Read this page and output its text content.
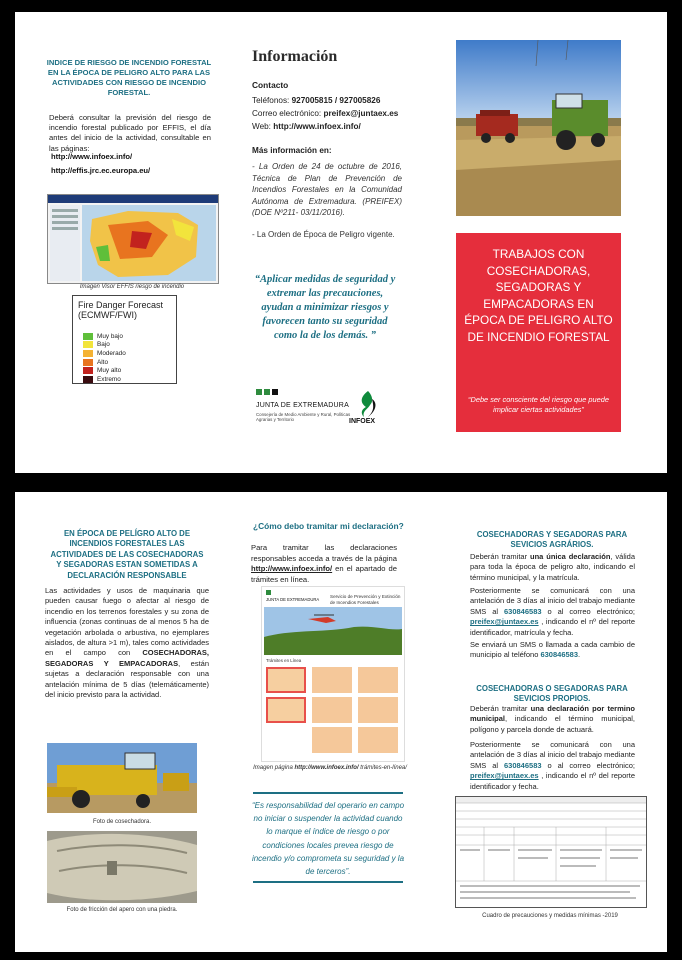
INDICE DE RIESGO DE INCENDIO FORESTAL EN LA ÉPOCA DE PELIGRO ALTO PARA LAS ACTIVIDADES CON RIESGO DE INCENDIO FORESTAL.
Deberá consultar la previsión del riesgo de incendio forestal publicado por EFFIS, el día antes del inicio de la actividad, consultable en las páginas:
http://www.infoex.info/
http://effis.jrc.ec.europa.eu/
Imagen Visor EFFIS riesgo de incendio
Fire Danger Forecast
(ECMWF/FWI)
Muy bajo
Bajo
Moderado
Alto
Muy alto
Extremo
Información
Contacto
Teléfonos: 927005815 / 927005826
Correo electrónico: preifex@juntaex.es
Web: http://www.infoex.info/
Más información en:
- La Orden de 24 de octubre de 2016, Técnica de Plan de Prevención de Incendios Forestales en la Comunidad Autónoma de Extremadura. (PREIFEX) (DOE Nº211- 03/11/2016).
- La Orden de Época de Peligro vigente.
“Aplicar medidas de seguridad y extremar las precauciones, ayudan a minimizar riesgos y favorecen tanto su seguridad como la de los demás. ”
JUNTA DE EXTREMADURA
Consejería de Medio Ambiente y Rural, Políticas Agrarias y Territorio	INFOEX
TRABAJOS CON COSECHADORAS, SEGADORAS Y EMPACADORAS EN ÉPOCA DE PELIGRO ALTO DE INCENDIO FORESTAL
“Debe ser consciente del riesgo que puede implicar ciertas actividades”
EN ÉPOCA DE PELÍGRO ALTO DE INCENDIOS FORESTALES LAS ACTIVIDADES DE LAS COSECHADORAS Y SEGADORAS ESTAN SOMETIDAS A DECLARACIÓN RESPONSABLE
Las actividades y usos de maquinaria que pueden causar fuego o afectar al riesgo de incendio en los terrenos forestales y su zona de influencia (zonas continuas de al menos 5 ha de vegetación arbolada o arbustiva, no ejemplares aislados, de altura >1 m), tales como actividades en el campo con COSECHADORAS, SEGADORAS Y EMPACADORAS, están sujetas a declaración responsable con una antelación mínima de 5 días (telemáticamente) del inicio previsto para la actividad.
Foto de cosechadora.
Foto de fricción del apero con una piedra.
¿Cómo debo tramitar mi declaración?
Para tramitar las declaraciones responsables acceda a través de la página http://www.infoex.info/ en el apartado de trámites en línea.
JUNTA DE EXTREMADURA
Servicio de Prevención y Extinción de Incendios Forestales
Trámites en Línea
Imagen página http://www.infoex.info/ trámites-en-línea/
“Es responsabilidad del operario en campo no iniciar o suspender la actividad cuando lo marque el índice de riesgo o por condiciones locales prevea riesgo de incendio y/o comprometa su seguridad y la de terceros”.
COSECHADORAS Y SEGADORAS PARA SEVICIOS AGRÁRIOS.
Deberán tramitar una única declaración, válida para toda la época de peligro alto, indicando el término municipal, y la matrícula.
Posteriormente se comunicará con una antelación de 3 días al inicio del trabajo mediante SMS al 630846583 o al correo electrónico; preifex@juntaex.es , indicando el nº del reporte identificador, matrícula y fecha.
Se enviará un SMS o llamada a cada cambio de municipio al teléfono 630846583.
COSECHADORAS O SEGADORAS PARA SEVICIOS PROPIOS.
Deberán tramitar una declaración por termino municipal, indicando el término municipal, polígono y parcela donde de actuará.
Posteriormente se comunicará con una antelación de 3 días al inicio del trabajo mediante SMS al 630846583 o al correo electrónico; preifex@juntaex.es , indicando el nº del reporte identificador y fecha.
Cuadro de precauciones y medidas mínimas -2019
